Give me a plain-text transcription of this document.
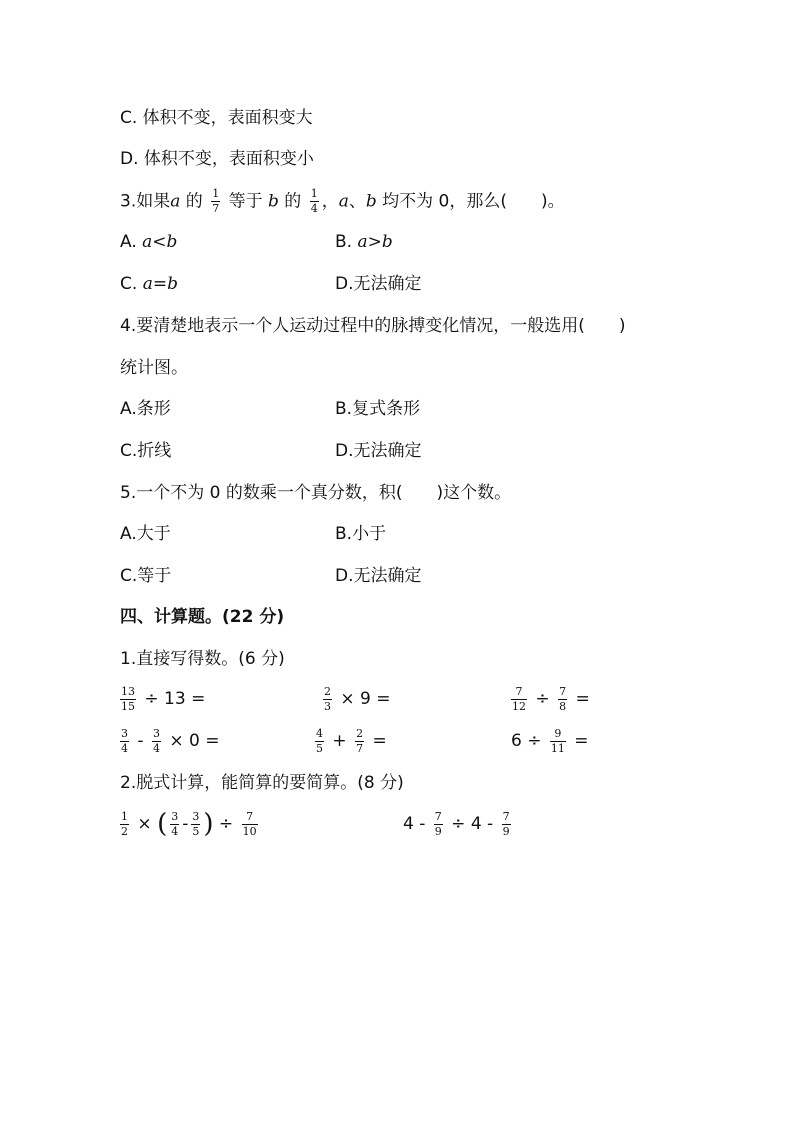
C. 体积不变，表面积变大
D. 体积不变，表面积变小
3.如果a 的 $\frac{1}{7}$ 等于 b 的 $\frac{1}{4}$ ，a、b 均不为 0，那么(　　)。
A. a<b	B. a>b
C. a=b	D.无法确定
4.要清楚地表示一个人运动过程中的脉搏变化情况，一般选用(　　)
统计图。
A.条形	B.复式条形
C.折线	D.无法确定
5.一个不为 0 的数乘一个真分数，积(　　)这个数。
A.大于	B.小于
C.等于	D.无法确定
四、计算题。(22 分)
1.直接写得数。(6 分)
$\frac{13}{15} \div 13$ =	$\frac{2}{3} \times 9$ =	$\frac{7}{12} \div \frac{7}{8}$ =
$\frac{3}{4} - \frac{3}{4} \times 0$ =	$\frac{4}{5} + \frac{2}{7}$ =	$6 \div \frac{9}{11}$ =
2.脱式计算，能简算的要简算。(8 分)
$\frac{1}{2}$ × ( $\frac{3}{4} - \frac{3}{5}$ ) ÷ $\frac{7}{10}$	$4 - \frac{7}{9} \div 4 - \frac{7}{9}$
